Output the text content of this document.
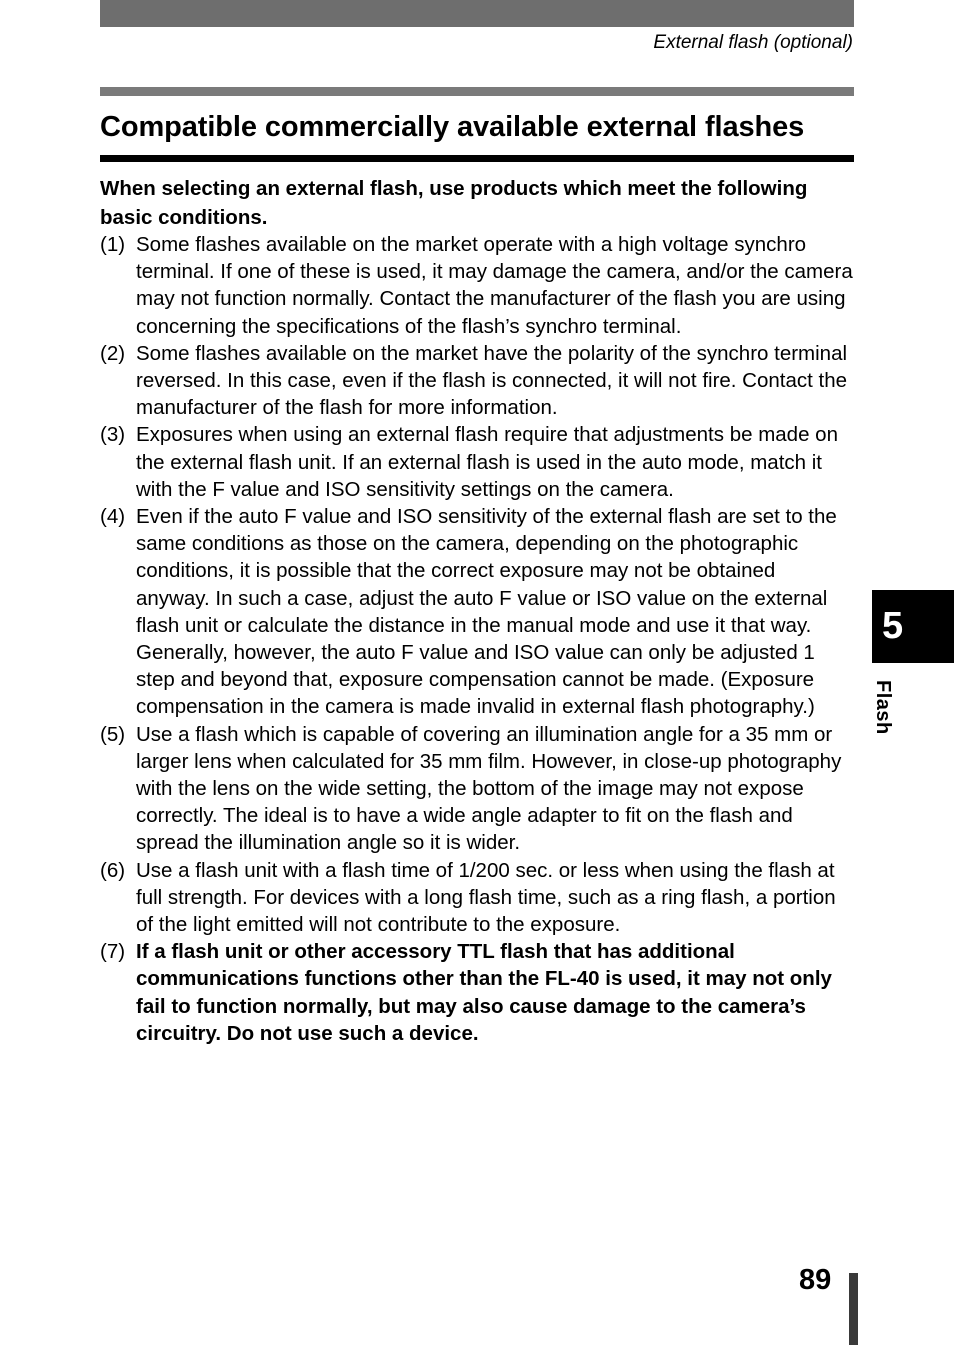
External flash (optional)
Compatible commercially available external flashes

When selecting an external flash, use products which meet the following basic conditions.

(1) Some flashes available on the market operate with a high voltage synchro terminal. If one of these is used, it may damage the camera, and/or the camera may not function normally. Contact the manufacturer of the flash you are using concerning the specifications of the flash’s synchro terminal.
(2) Some flashes available on the market have the polarity of the synchro terminal reversed. In this case, even if the flash is connected, it will not fire. Contact the manufacturer of the flash for more information.
(3) Exposures when using an external flash require that adjustments be made on the external flash unit. If an external flash is used in the auto mode, match it with the F value and ISO sensitivity settings on the camera.
(4) Even if the auto F value and ISO sensitivity of the external flash are set to the same conditions as those on the camera, depending on the photographic conditions, it is possible that the correct exposure may not be obtained anyway. In such a case, adjust the auto F value or ISO value on the external flash unit or calculate the distance in the manual mode and use it that way. Generally, however, the auto F value and ISO value can only be adjusted 1 step and beyond that, exposure compensation cannot be made. (Exposure compensation in the camera is made invalid in external flash photography.)
(5) Use a flash which is capable of covering an illumination angle for a 35 mm or larger lens when calculated for 35 mm film. However, in close-up photography with the lens on the wide setting, the bottom of the image may not expose correctly. The ideal is to have a wide angle adapter to fit on the flash and spread the illumination angle so it is wider.
(6) Use a flash unit with a flash time of 1/200 sec. or less when using the flash at full strength. For devices with a long flash time, such as a ring flash, a portion of the light emitted will not contribute to the exposure.
(7) If a flash unit or other accessory TTL flash that has additional communications functions other than the FL-40 is used, it may not only fail to function normally, but may also cause damage to the camera’s circuitry. Do not use such a device.
5
Flash
89
